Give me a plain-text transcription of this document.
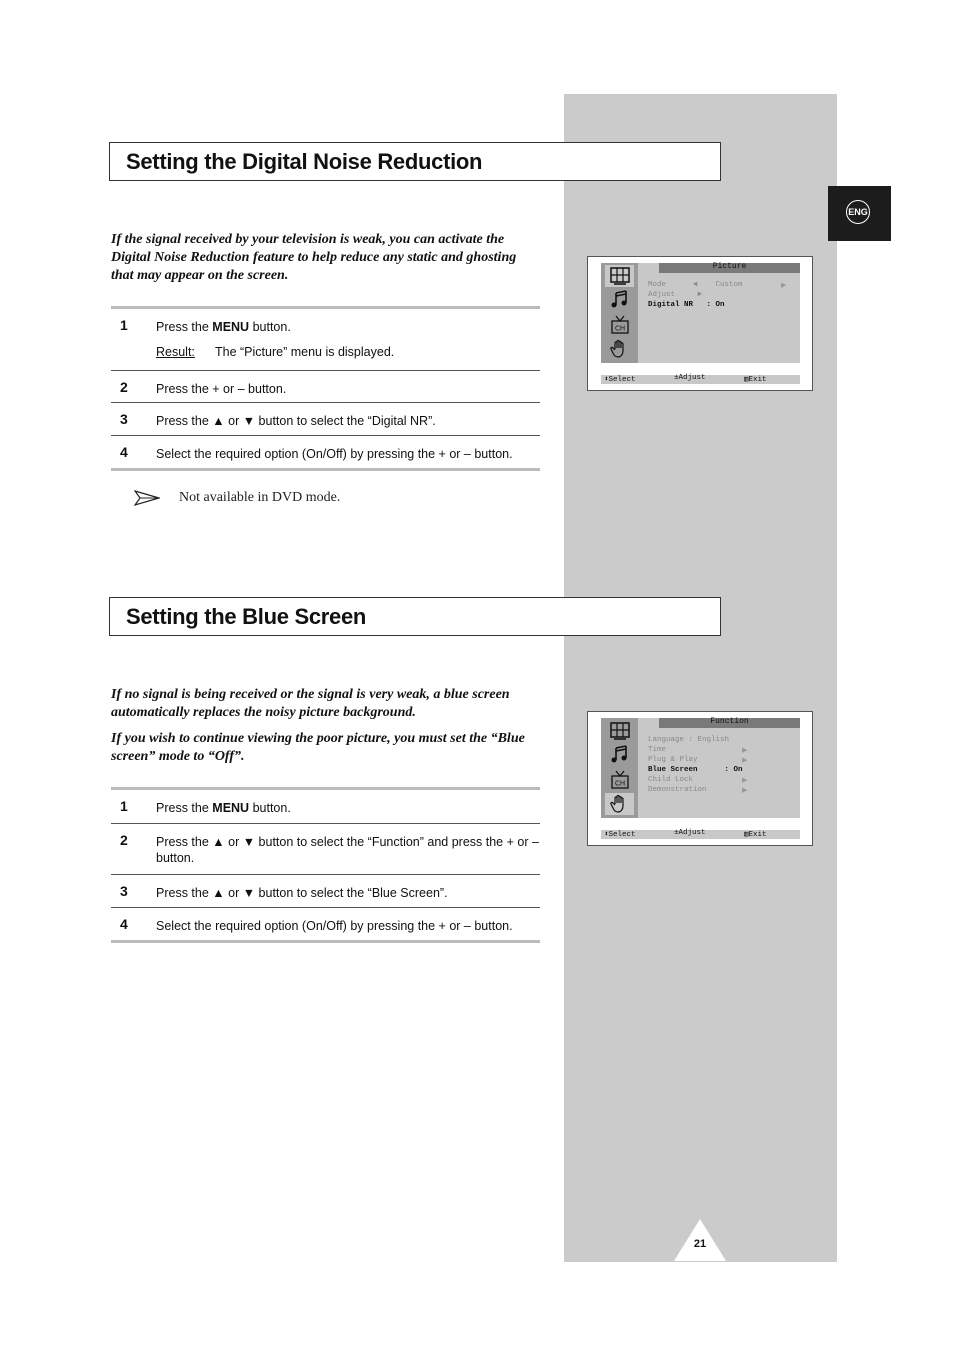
ENG
Setting the Digital Noise Reduction
If the signal received by your television is weak, you can activate the Digital Noise Reduction feature to help reduce any static and ghosting that may appear on the screen.
1 Press the MENU button.
Result: The “Picture” menu is displayed.
2 Press the + or – button.
3 Press the ▲ or ▼ button to select the “Digital NR”.
4 Select the required option (On/Off) by pressing the + or – button.
Not available in DVD mode.
CH
Picture
Mode      ◄    Custom	▶
Adjust     ►
Digital NR   : On
⬍Select	±Adjust	▥Exit
Setting the Blue Screen
If no signal is being received or the signal is very weak, a blue screen automatically replaces the noisy picture background.
If you wish to continue viewing the poor picture, you must set the “Blue screen” mode to “Off”.
1 Press the MENU button.
2 Press the ▲ or ▼ button to select the “Function” and press the + or – button.
3 Press the ▲ or ▼ button to select the “Blue Screen”.
4 Select the required option (On/Off) by pressing the + or – button.
CH
Function
Language : English
Time	▶
Plug & Play	▶
Blue Screen      : On
Child Lock	▶
Demonstration	▶
⬍Select	±Adjust	▥Exit
21
